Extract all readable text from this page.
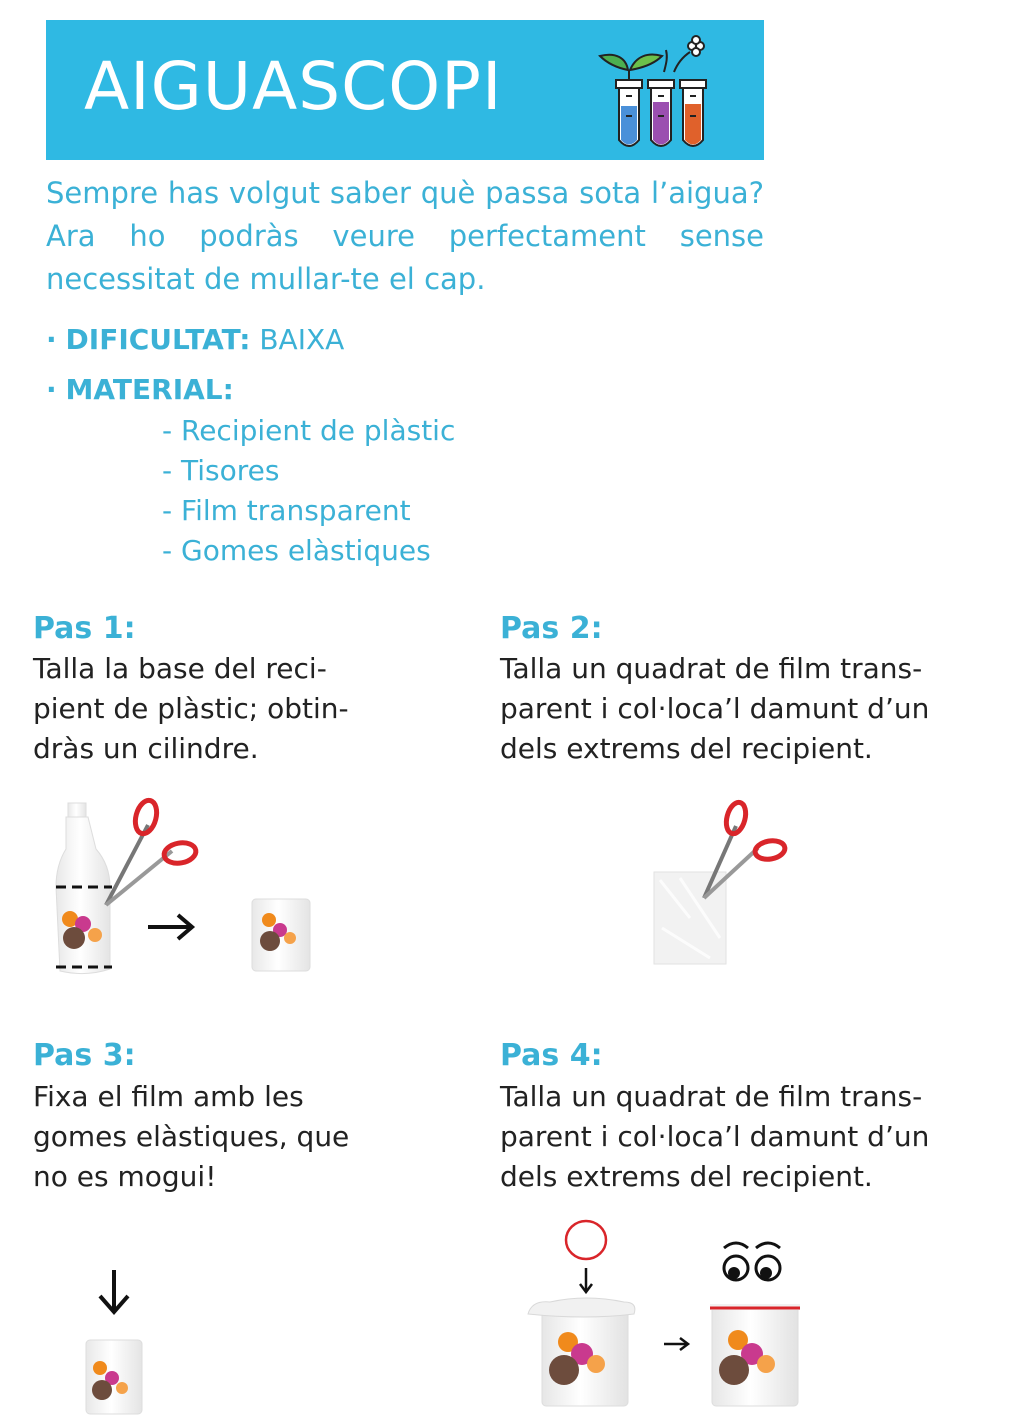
AIGUASCOPI

Sempre has volgut saber què passa sota l’aigua? Ara ho podràs veure perfectament sense necessitat de mullar-te el cap.

· DIFICULTAT: BAIXA
· MATERIAL:
- Recipient de plàstic
- Tisores
- Film transparent
- Gomes elàstiques
Pas 1:
Talla la base del reci-
pient de plàstic; obtin-
dràs un cilindre.
Pas 2:
Talla un quadrat de film trans-
parent i col·loca’l damunt d’un
dels extrems del recipient.
Pas 3:
Fixa el film amb les
gomes elàstiques, que
no es mogui!
Pas 4:
Talla un quadrat de film trans-
parent i col·loca’l damunt d’un
dels extrems del recipient.
